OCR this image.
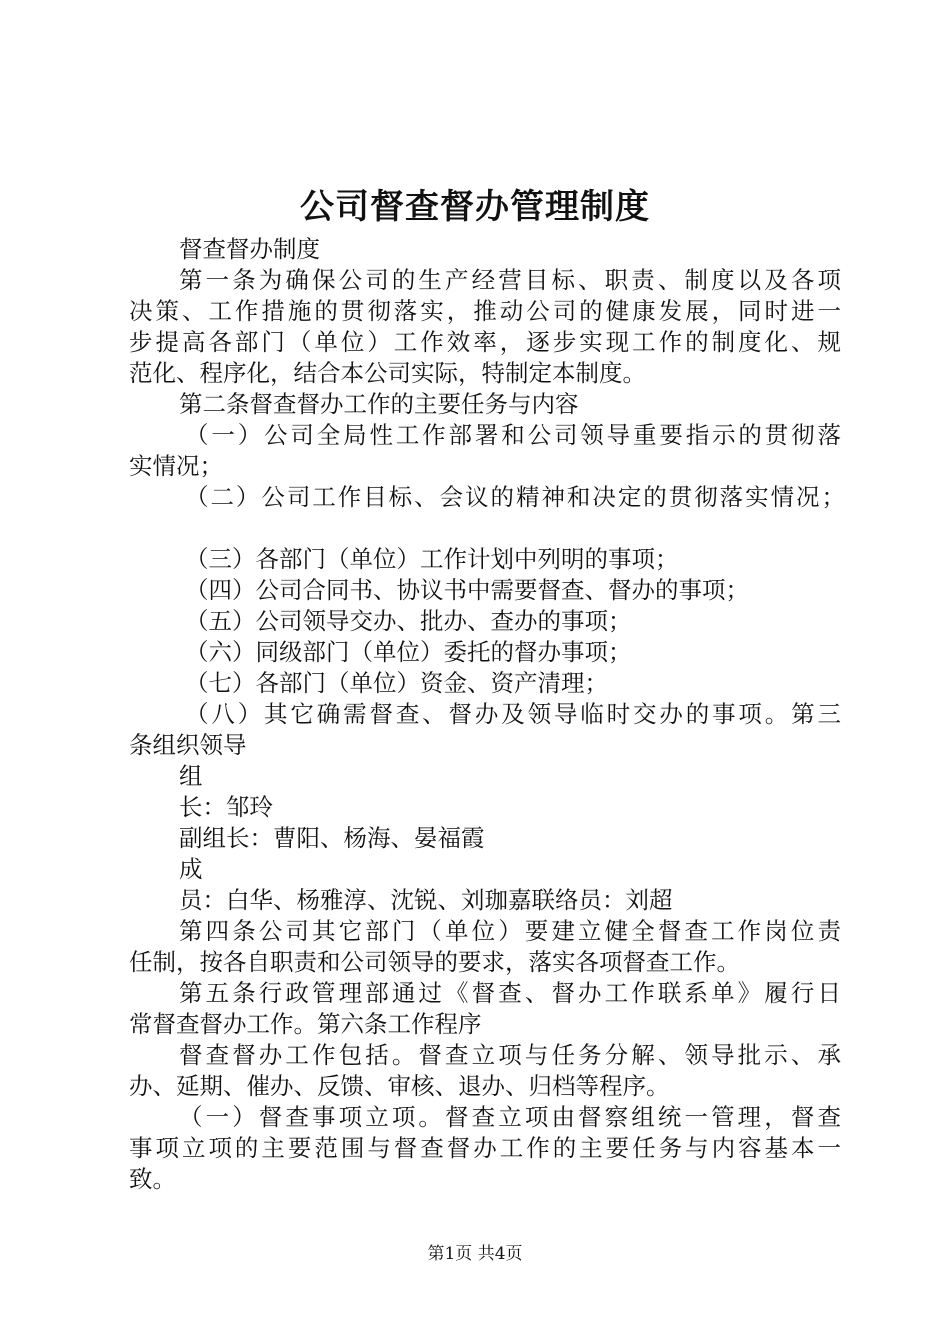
公司督查督办管理制度
督查督办制度
第一条为确保公司的生产经营目标、职责、制度以及各项
决策、工作措施的贯彻落实，推动公司的健康发展，同时进一
步提高各部门（单位）工作效率，逐步实现工作的制度化、规
范化、程序化，结合本公司实际，特制定本制度。
第二条督查督办工作的主要任务与内容
（一）公司全局性工作部署和公司领导重要指示的贯彻落
实情况；
（二）公司工作目标、会议的精神和决定的贯彻落实情况；
（三）各部门（单位）工作计划中列明的事项；
（四）公司合同书、协议书中需要督查、督办的事项；
（五）公司领导交办、批办、查办的事项；
（六）同级部门（单位）委托的督办事项；
（七）各部门（单位）资金、资产清理；
（八）其它确需督查、督办及领导临时交办的事项。第三
条组织领导
组
长：邹玲
副组长：曹阳、杨海、晏福霞
成
员：白华、杨雅淳、沈锐、刘珈嘉联络员：刘超
第四条公司其它部门（单位）要建立健全督查工作岗位责
任制，按各自职责和公司领导的要求，落实各项督查工作。
第五条行政管理部通过《督查、督办工作联系单》履行日
常督查督办工作。第六条工作程序
督查督办工作包括。督查立项与任务分解、领导批示、承
办、延期、催办、反馈、审核、退办、归档等程序。
（一）督查事项立项。督查立项由督察组统一管理，督查
事项立项的主要范围与督查督办工作的主要任务与内容基本一
致。
第1页 共4页
